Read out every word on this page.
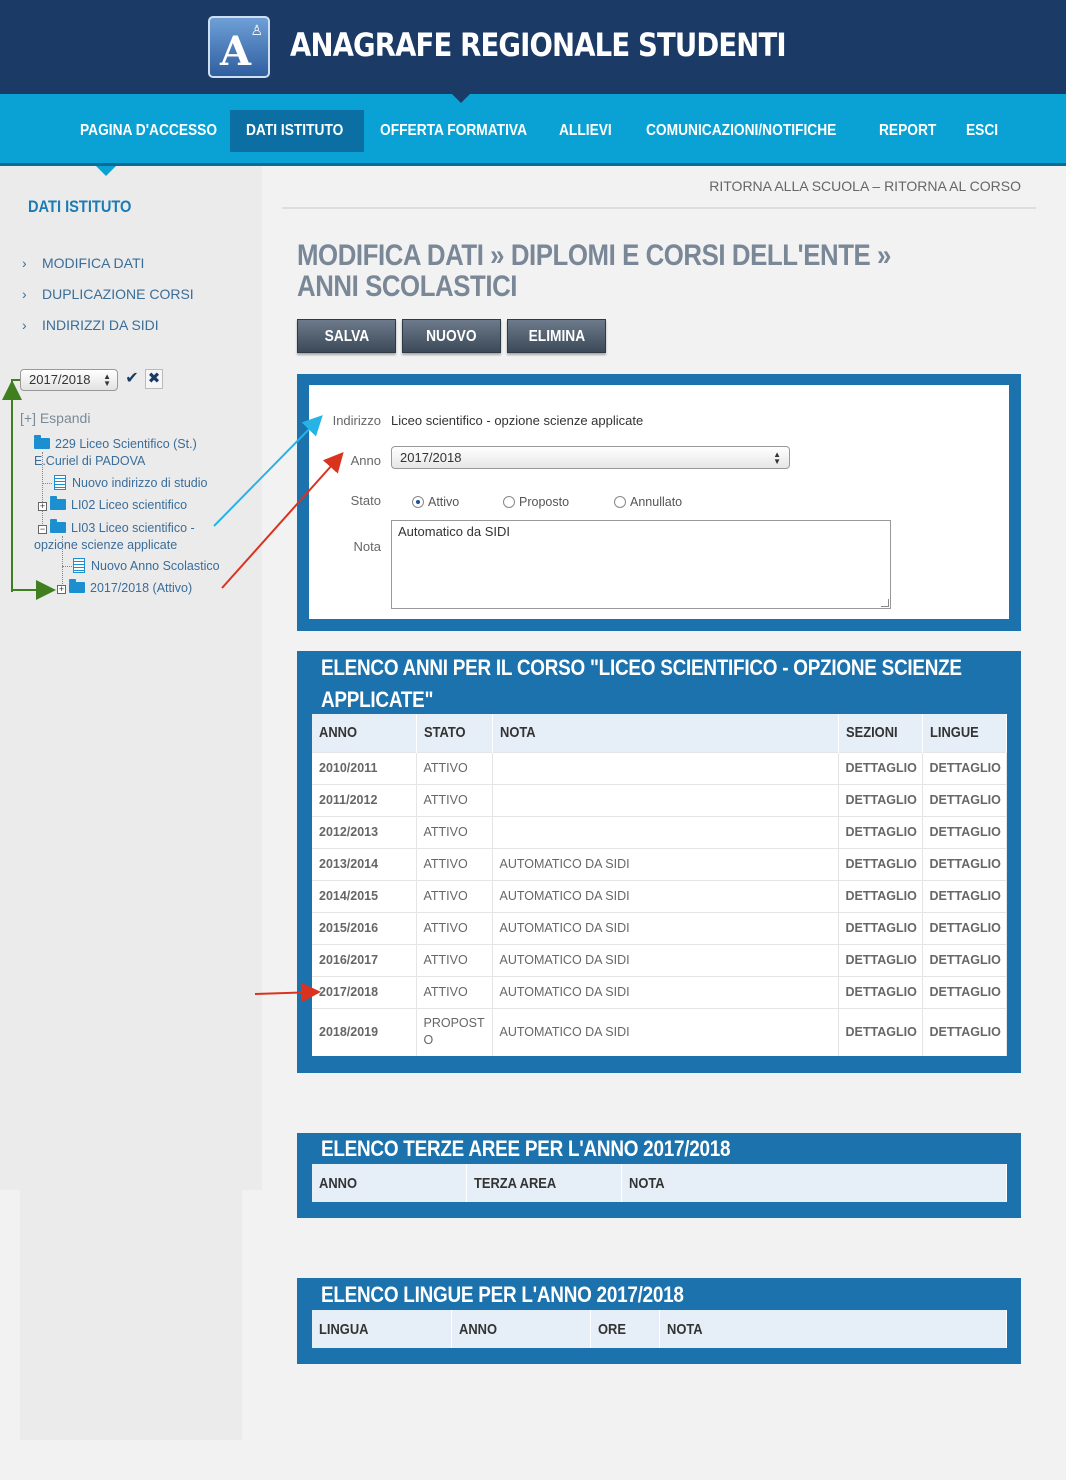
A ♙ ANAGRAFE REGIONALE STUDENTI
PAGINA D'ACCESSO	DATI ISTITUTO	OFFERTA FORMATIVA	ALLIEVI	COMUNICAZIONI/NOTIFICHE	REPORT	ESCI
DATI ISTITUTO
› MODIFICA DATI
› DUPLICAZIONE CORSI
› INDIRIZZI DA SIDI
2017/2018 ▲
▼ ✔ ✖
[+] Espandi
229 Liceo Scientifico (St.)
E.Curiel di PADOVA
Nuovo indirizzo di studio
+ LI02 Liceo scientifico
− LI03 Liceo scientifico -
opzione scienze applicate
Nuovo Anno Scolastico
+ 2017/2018 (Attivo)
RITORNA ALLA SCUOLA – RITORNA AL CORSO
MODIFICA DATI » DIPLOMI E CORSI DELL'ENTE » ANNI SCOLASTICI
SALVA	NUOVO	ELIMINA
Indirizzo Liceo scientifico - opzione scienze applicate
Anno	2017/2018	▲
▼
Stato	Attivo	Proposto	Annullato
Nota
Automatico da SIDI
ELENCO ANNI PER IL CORSO "LICEO SCIENTIFICO - OPZIONE SCIENZE APPLICATE"
ANNO	STATO	NOTA	SEZIONI	LINGUE
2010/2011	ATTIVO		DETTAGLIO	DETTAGLIO
2011/2012	ATTIVO		DETTAGLIO	DETTAGLIO
2012/2013	ATTIVO		DETTAGLIO	DETTAGLIO
2013/2014	ATTIVO	AUTOMATICO DA SIDI	DETTAGLIO	DETTAGLIO
2014/2015	ATTIVO	AUTOMATICO DA SIDI	DETTAGLIO	DETTAGLIO
2015/2016	ATTIVO	AUTOMATICO DA SIDI	DETTAGLIO	DETTAGLIO
2016/2017	ATTIVO	AUTOMATICO DA SIDI	DETTAGLIO	DETTAGLIO
2017/2018	ATTIVO	AUTOMATICO DA SIDI	DETTAGLIO	DETTAGLIO
2018/2019	PROPOST
O	AUTOMATICO DA SIDI	DETTAGLIO	DETTAGLIO
ELENCO TERZE AREE PER L'ANNO 2017/2018
ANNO	TERZA AREA	NOTA
ELENCO LINGUE PER L'ANNO 2017/2018
LINGUA	ANNO	ORE	NOTA
